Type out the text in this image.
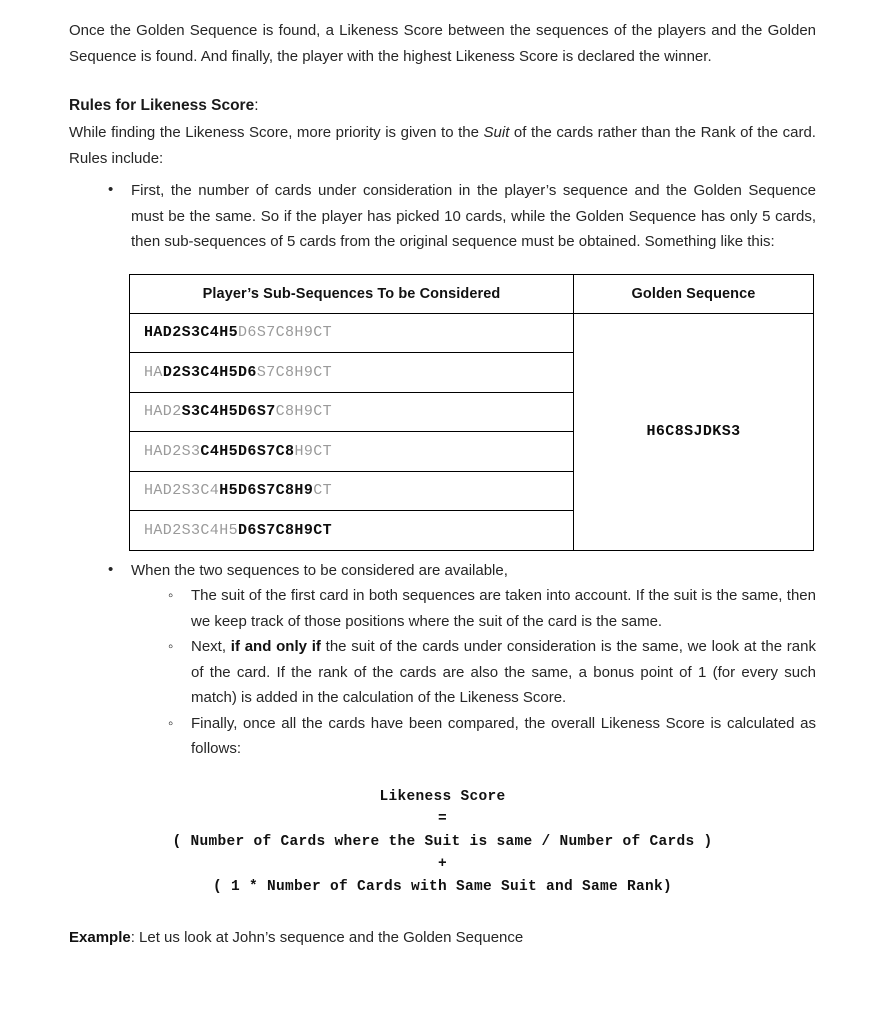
Once the Golden Sequence is found, a Likeness Score between the sequences of the players and the Golden Sequence is found. And finally, the player with the highest Likeness Score is declared the winner.

Rules for Likeness Score:

While finding the Likeness Score, more priority is given to the Suit of the cards rather than the Rank of the card. Rules include:

• First, the number of cards under consideration in the player’s sequence and the Golden Sequence must be the same. So if the player has picked 10 cards, while the Golden Sequence has only 5 cards, then sub-sequences of 5 cards from the original sequence must be obtained. Something like this:
Player’s Sub-Sequences To be Considered	Golden Sequence
HAD2S3C4H5D6S7C8H9CT	H6C8SJDKS3
HAD2S3C4H5D6S7C8H9CT	
HAD2S3C4H5D6S7C8H9CT	
HAD2S3C4H5D6S7C8H9CT	
HAD2S3C4H5D6S7C8H9CT	
HAD2S3C4H5D6S7C8H9CT	
• When the two sequences to be considered are available,
◦ The suit of the first card in both sequences are taken into account. If the suit is the same, then we keep track of those positions where the suit of the card is the same.
◦ Next, if and only if the suit of the cards under consideration is the same, we look at the rank of the card. If the rank of the cards are also the same, a bonus point of 1 (for every such match) is added in the calculation of the Likeness Score.
◦ Finally, once all the cards have been compared, the overall Likeness Score is calculated as follows:
Likeness Score
=
( Number of Cards where the Suit is same / Number of Cards )
+
( 1 * Number of Cards with Same Suit and Same Rank)

Example: Let us look at John’s sequence and the Golden Sequence
